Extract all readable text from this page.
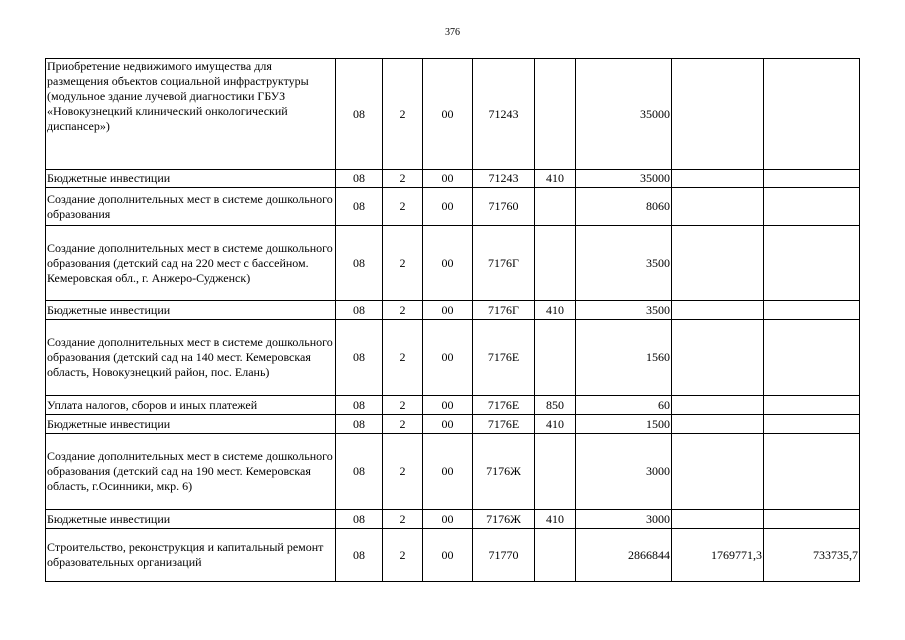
376
Приобретение недвижимого имущества для размещения объектов социальной инфраструктуры (модульное здание лучевой диагностики ГБУЗ «Новокузнецкий клинический онкологический диспансер»)	08	2	00	71243		35000		
Бюджетные инвестиции	08	2	00	71243	410	35000		
Создание дополнительных мест в системе дошкольного образования	08	2	00	71760		8060		
Создание дополнительных мест в системе дошкольного образования (детский сад на 220 мест с бассейном. Кемеровская обл., г. Анжеро-Судженск)	08	2	00	7176Г		3500		
Бюджетные инвестиции	08	2	00	7176Г	410	3500		
Создание дополнительных мест в системе дошкольного образования (детский сад на 140 мест. Кемеровская область, Новокузнецкий район, пос. Елань)	08	2	00	7176Е		1560		
Уплата налогов, сборов и иных платежей	08	2	00	7176Е	850	60		
Бюджетные инвестиции	08	2	00	7176Е	410	1500		
Создание дополнительных мест в системе дошкольного образования (детский сад на 190 мест. Кемеровская область, г.Осинники, мкр. 6)	08	2	00	7176Ж		3000		
Бюджетные инвестиции	08	2	00	7176Ж	410	3000		
Строительство, реконструкция и капитальный ремонт образовательных организаций	08	2	00	71770		2866844	1769771,3	733735,7
